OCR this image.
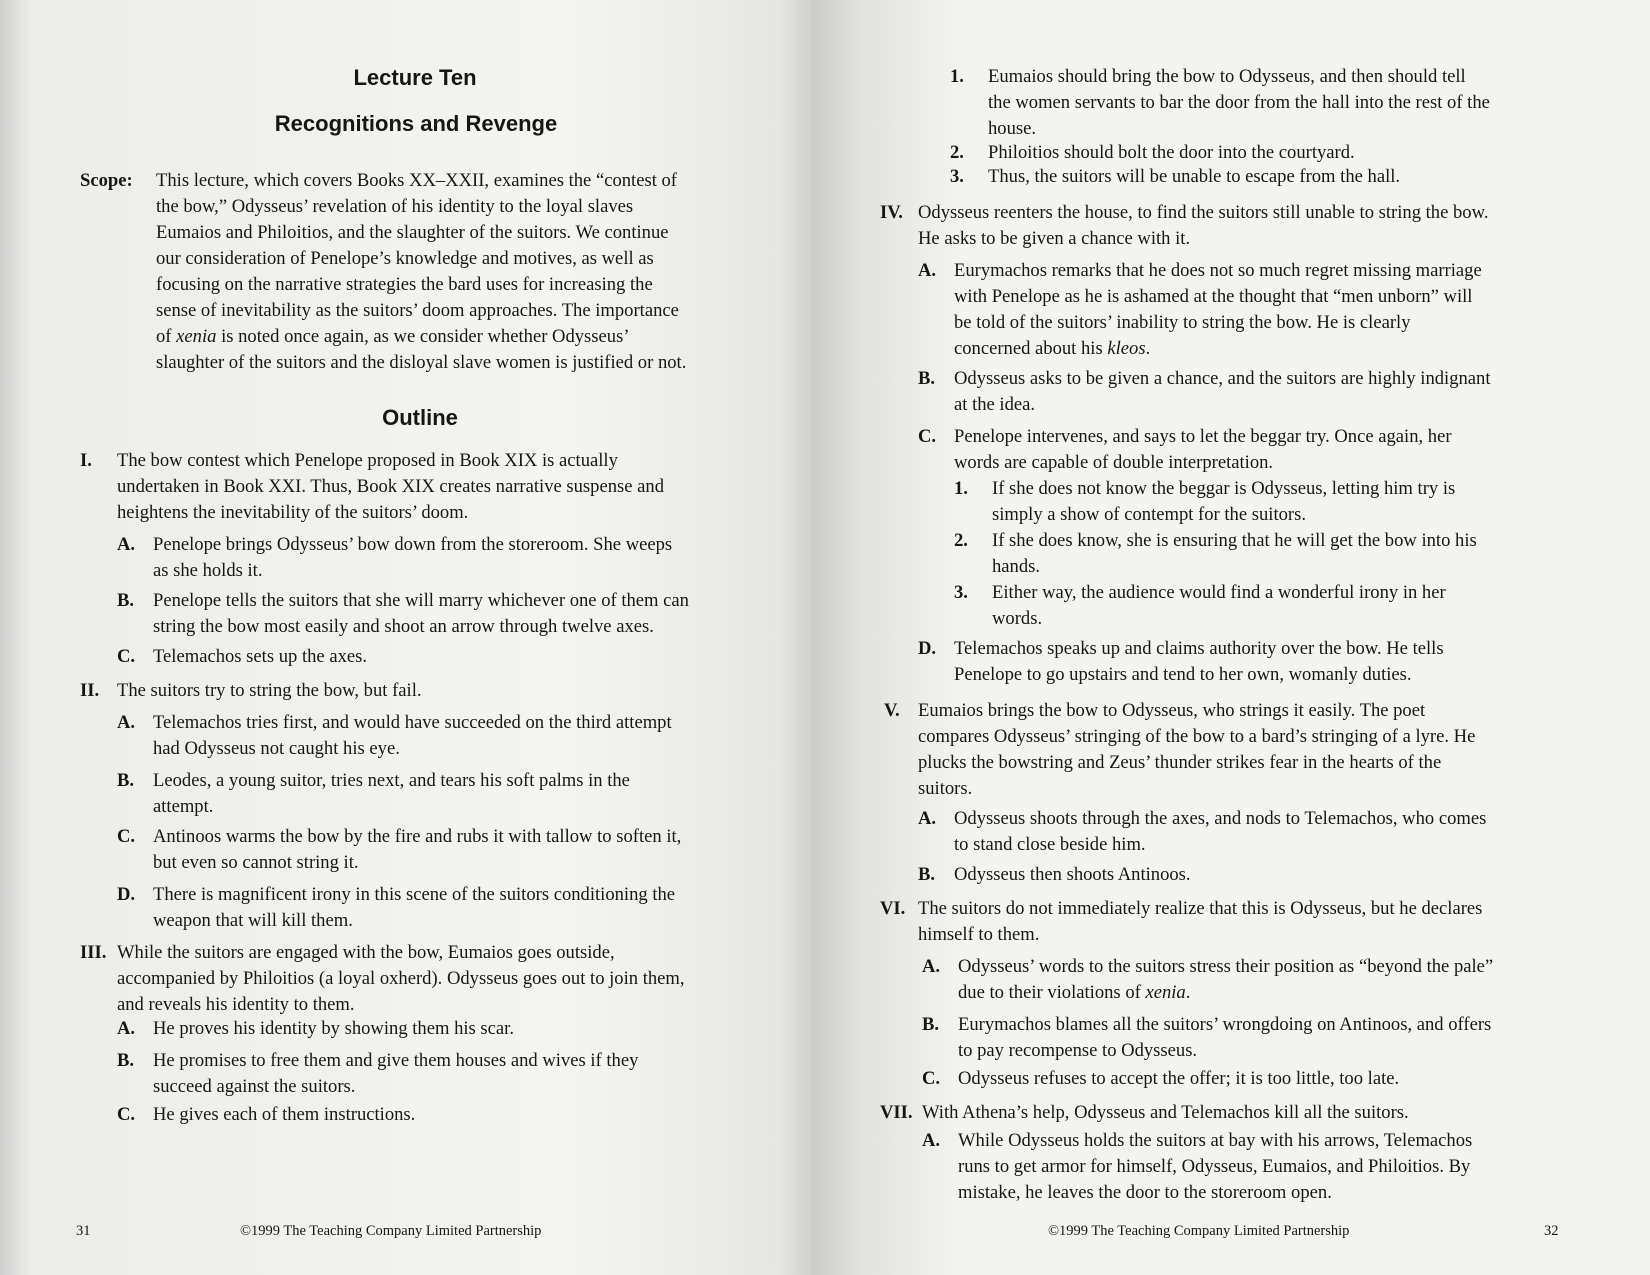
Lecture Ten
Recognitions and Revenge
Scope: This lecture, which covers Books XX–XXII, examines the “contest of
the bow,” Odysseus’ revelation of his identity to the loyal slaves
Eumaios and Philoitios, and the slaughter of the suitors. We continue
our consideration of Penelope’s knowledge and motives, as well as
focusing on the narrative strategies the bard uses for increasing the
sense of inevitability as the suitors’ doom approaches. The importance
of xenia is noted once again, as we consider whether Odysseus’
slaughter of the suitors and the disloyal slave women is justified or not.
Outline
I. The bow contest which Penelope proposed in Book XIX is actually
undertaken in Book XXI. Thus, Book XIX creates narrative suspense and
heightens the inevitability of the suitors’ doom.
A. Penelope brings Odysseus’ bow down from the storeroom. She weeps
as she holds it.
B. Penelope tells the suitors that she will marry whichever one of them can
string the bow most easily and shoot an arrow through twelve axes.
C. Telemachos sets up the axes.
II. The suitors try to string the bow, but fail.
A. Telemachos tries first, and would have succeeded on the third attempt
had Odysseus not caught his eye.
B. Leodes, a young suitor, tries next, and tears his soft palms in the
attempt.
C. Antinoos warms the bow by the fire and rubs it with tallow to soften it,
but even so cannot string it.
D. There is magnificent irony in this scene of the suitors conditioning the
weapon that will kill them.
III. While the suitors are engaged with the bow, Eumaios goes outside,
accompanied by Philoitios (a loyal oxherd). Odysseus goes out to join them,
and reveals his identity to them.
A. He proves his identity by showing them his scar.
B. He promises to free them and give them houses and wives if they
succeed against the suitors.
C. He gives each of them instructions.
31	©1999 The Teaching Company Limited Partnership
1. Eumaios should bring the bow to Odysseus, and then should tell
the women servants to bar the door from the hall into the rest of the
house.
2. Philoitios should bolt the door into the courtyard.
3. Thus, the suitors will be unable to escape from the hall.
IV. Odysseus reenters the house, to find the suitors still unable to string the bow.
He asks to be given a chance with it.
A. Eurymachos remarks that he does not so much regret missing marriage
with Penelope as he is ashamed at the thought that “men unborn” will
be told of the suitors’ inability to string the bow. He is clearly
concerned about his kleos.
B. Odysseus asks to be given a chance, and the suitors are highly indignant
at the idea.
C. Penelope intervenes, and says to let the beggar try. Once again, her
words are capable of double interpretation.
1. If she does not know the beggar is Odysseus, letting him try is
simply a show of contempt for the suitors.
2. If she does know, she is ensuring that he will get the bow into his
hands.
3. Either way, the audience would find a wonderful irony in her
words.
D. Telemachos speaks up and claims authority over the bow. He tells
Penelope to go upstairs and tend to her own, womanly duties.
V. Eumaios brings the bow to Odysseus, who strings it easily. The poet
compares Odysseus’ stringing of the bow to a bard’s stringing of a lyre. He
plucks the bowstring and Zeus’ thunder strikes fear in the hearts of the
suitors.
A. Odysseus shoots through the axes, and nods to Telemachos, who comes
to stand close beside him.
B. Odysseus then shoots Antinoos.
VI. The suitors do not immediately realize that this is Odysseus, but he declares
himself to them.
A. Odysseus’ words to the suitors stress their position as “beyond the pale”
due to their violations of xenia.
B. Eurymachos blames all the suitors’ wrongdoing on Antinoos, and offers
to pay recompense to Odysseus.
C. Odysseus refuses to accept the offer; it is too little, too late.
VII. With Athena’s help, Odysseus and Telemachos kill all the suitors.
A. While Odysseus holds the suitors at bay with his arrows, Telemachos
runs to get armor for himself, Odysseus, Eumaios, and Philoitios. By
mistake, he leaves the door to the storeroom open.
©1999 The Teaching Company Limited Partnership	32
